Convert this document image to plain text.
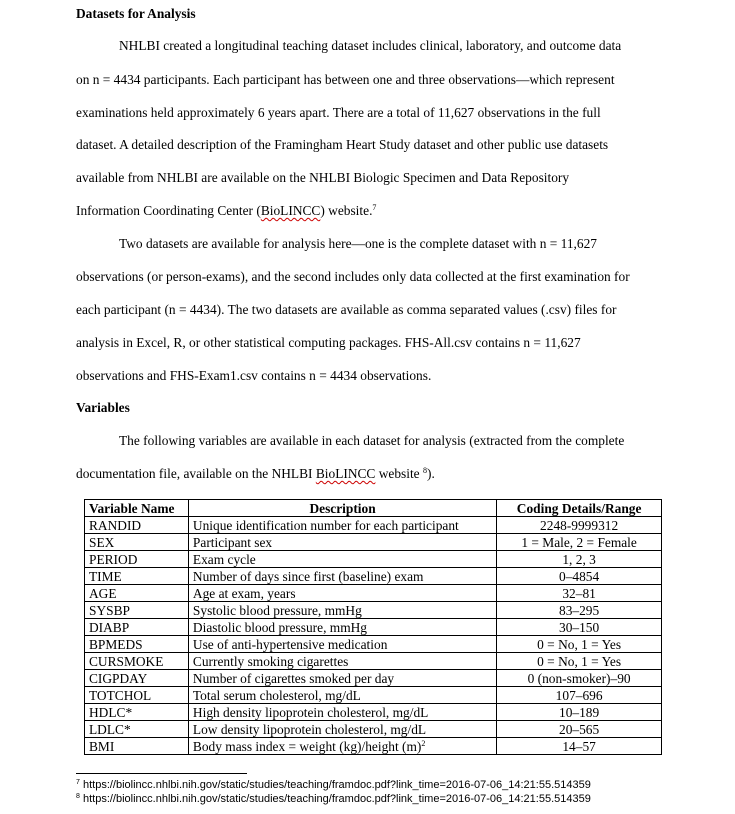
Datasets for Analysis
NHLBI created a longitudinal teaching dataset includes clinical, laboratory, and outcome data
on n = 4434 participants. Each participant has between one and three observations—which represent
examinations held approximately 6 years apart. There are a total of 11,627 observations in the full
dataset. A detailed description of the Framingham Heart Study dataset and other public use datasets
available from NHLBI are available on the NHLBI Biologic Specimen and Data Repository
Information Coordinating Center (BioLINCC) website.$^7$
Two datasets are available for analysis here—one is the complete dataset with n = 11,627
observations (or person-exams), and the second includes only data collected at the first examination for
each participant (n = 4434). The two datasets are available as comma separated values (.csv) files for
analysis in Excel, R, or other statistical computing packages. FHS-All.csv contains n = 11,627
observations and FHS-Exam1.csv contains n = 4434 observations.
Variables
The following variables are available in each dataset for analysis (extracted from the complete
documentation file, available on the NHLBI BioLINCC website $^8$).
Variable Name	Description	Coding Details/Range
RANDID	Unique identification number for each participant	2248-9999312
SEX	Participant sex	1 = Male, 2 = Female
PERIOD	Exam cycle	1, 2, 3
TIME	Number of days since first (baseline) exam	0–4854
AGE	Age at exam, years	32–81
SYSBP	Systolic blood pressure, mmHg	83–295
DIABP	Diastolic blood pressure, mmHg	30–150
BPMEDS	Use of anti-hypertensive medication	0 = No, 1 = Yes
CURSMOKE	Currently smoking cigarettes	0 = No, 1 = Yes
CIGPDAY	Number of cigarettes smoked per day	0 (non-smoker)–90
TOTCHOL	Total serum cholesterol, mg/dL	107–696
HDLC*	High density lipoprotein cholesterol, mg/dL	10–189
LDLC*	Low density lipoprotein cholesterol, mg/dL	20–565
BMI	Body mass index = weight (kg)/height $(m)^2$	14–57
$^7$ https://biolincc.nhlbi.nih.gov/static/studies/teaching/framdoc.pdf?link_time=2016-07-06_14:21:55.514359
$^8$ https://biolincc.nhlbi.nih.gov/static/studies/teaching/framdoc.pdf?link_time=2016-07-06_14:21:55.514359
